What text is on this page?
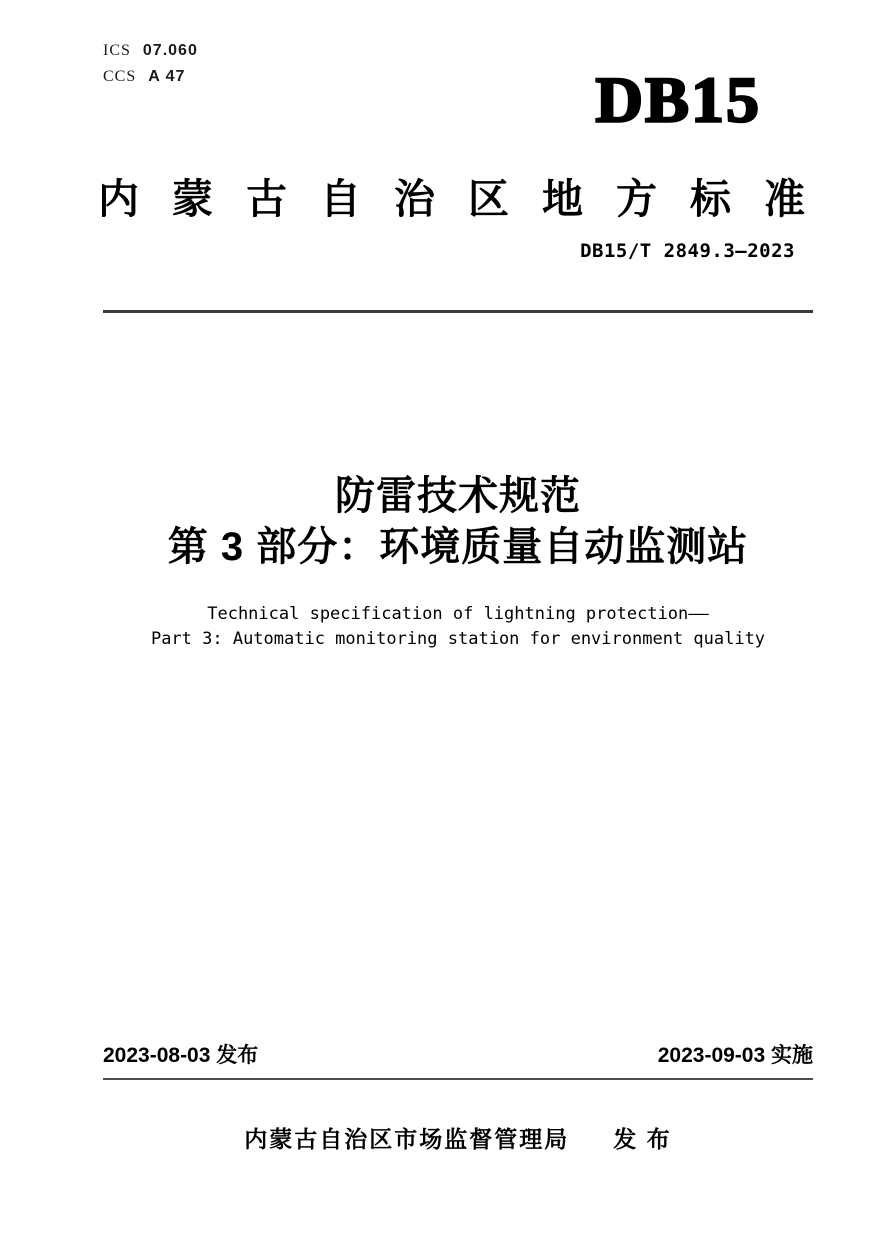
ICS 07.060
CCS A 47	DB15
内蒙古自治区地方标准
DB15/T 2849.3—2023
防雷技术规范
第 3 部分：环境质量自动监测站
Technical specification of lightning protection——
Part 3: Automatic monitoring station for environment quality
2023-08-03 发布	2023-09-03 实施
内蒙古自治区市场监督管理局 发 布
